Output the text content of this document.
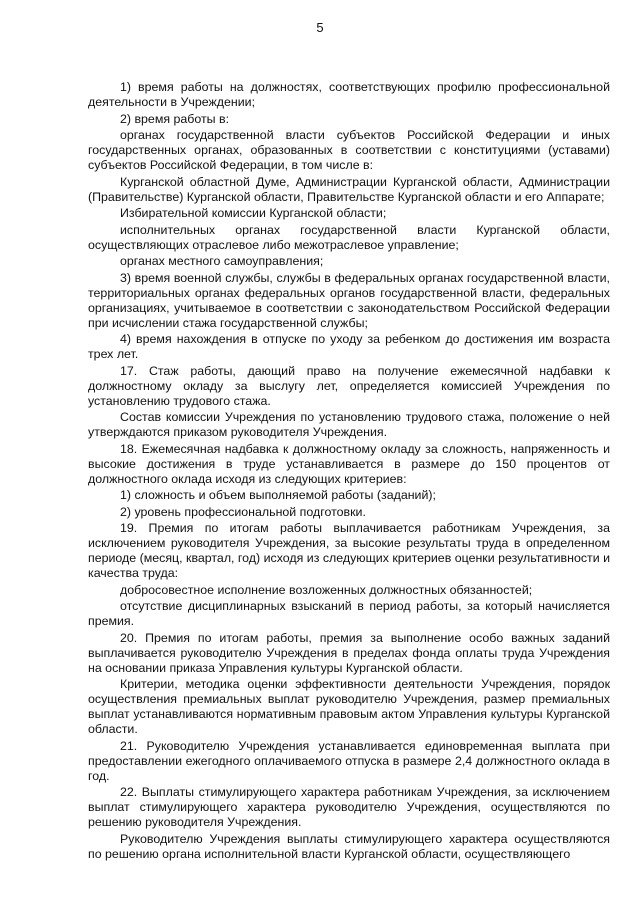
5

1) время работы на должностях, соответствующих профилю профессиональной деятельности в Учреждении;

2) время работы в:

органах государственной власти субъектов Российской Федерации и иных государственных органах, образованных в соответствии с конституциями (уставами) субъектов Российской Федерации, в том числе в:

Курганской областной Думе, Администрации Курганской области, Администрации (Правительстве) Курганской области, Правительстве Курганской области и его Аппарате;

Избирательной комиссии Курганской области;

исполнительных органах государственной власти Курганской области, осуществляющих отраслевое либо межотраслевое управление;

органах местного самоуправления;

3) время военной службы, службы в федеральных органах государственной власти, территориальных органах федеральных органов государственной власти, федеральных организациях, учитываемое в соответствии с законодательством Российской Федерации при исчислении стажа государственной службы;

4) время нахождения в отпуске по уходу за ребенком до достижения им возраста трех лет.

17. Стаж работы, дающий право на получение ежемесячной надбавки к должностному окладу за выслугу лет, определяется комиссией Учреждения по установлению трудового стажа.

Состав комиссии Учреждения по установлению трудового стажа, положение о ней утверждаются приказом руководителя Учреждения.

18. Ежемесячная надбавка к должностному окладу за сложность, напряженность и высокие достижения в труде устанавливается в размере до 150 процентов от должностного оклада исходя из следующих критериев:

1) сложность и объем выполняемой работы (заданий);

2) уровень профессиональной подготовки.

19. Премия по итогам работы выплачивается работникам Учреждения, за исключением руководителя Учреждения, за высокие результаты труда в определенном периоде (месяц, квартал, год) исходя из следующих критериев оценки результативности и качества труда:

добросовестное исполнение возложенных должностных обязанностей;

отсутствие дисциплинарных взысканий в период работы, за который начисляется премия.

20. Премия по итогам работы, премия за выполнение особо важных заданий выплачивается руководителю Учреждения в пределах фонда оплаты труда Учреждения на основании приказа Управления культуры Курганской области.

Критерии, методика оценки эффективности деятельности Учреждения, порядок осуществления премиальных выплат руководителю Учреждения, размер премиальных выплат устанавливаются нормативным правовым актом Управления культуры Курганской области.

21. Руководителю Учреждения устанавливается единовременная выплата при предоставлении ежегодного оплачиваемого отпуска в размере 2,4 должностного оклада в год.

22. Выплаты стимулирующего характера работникам Учреждения, за исключением выплат стимулирующего характера руководителю Учреждения, осуществляются по решению руководителя Учреждения.

Руководителю Учреждения выплаты стимулирующего характера осуществляются по решению органа исполнительной власти Курганской области, осуществляющего
